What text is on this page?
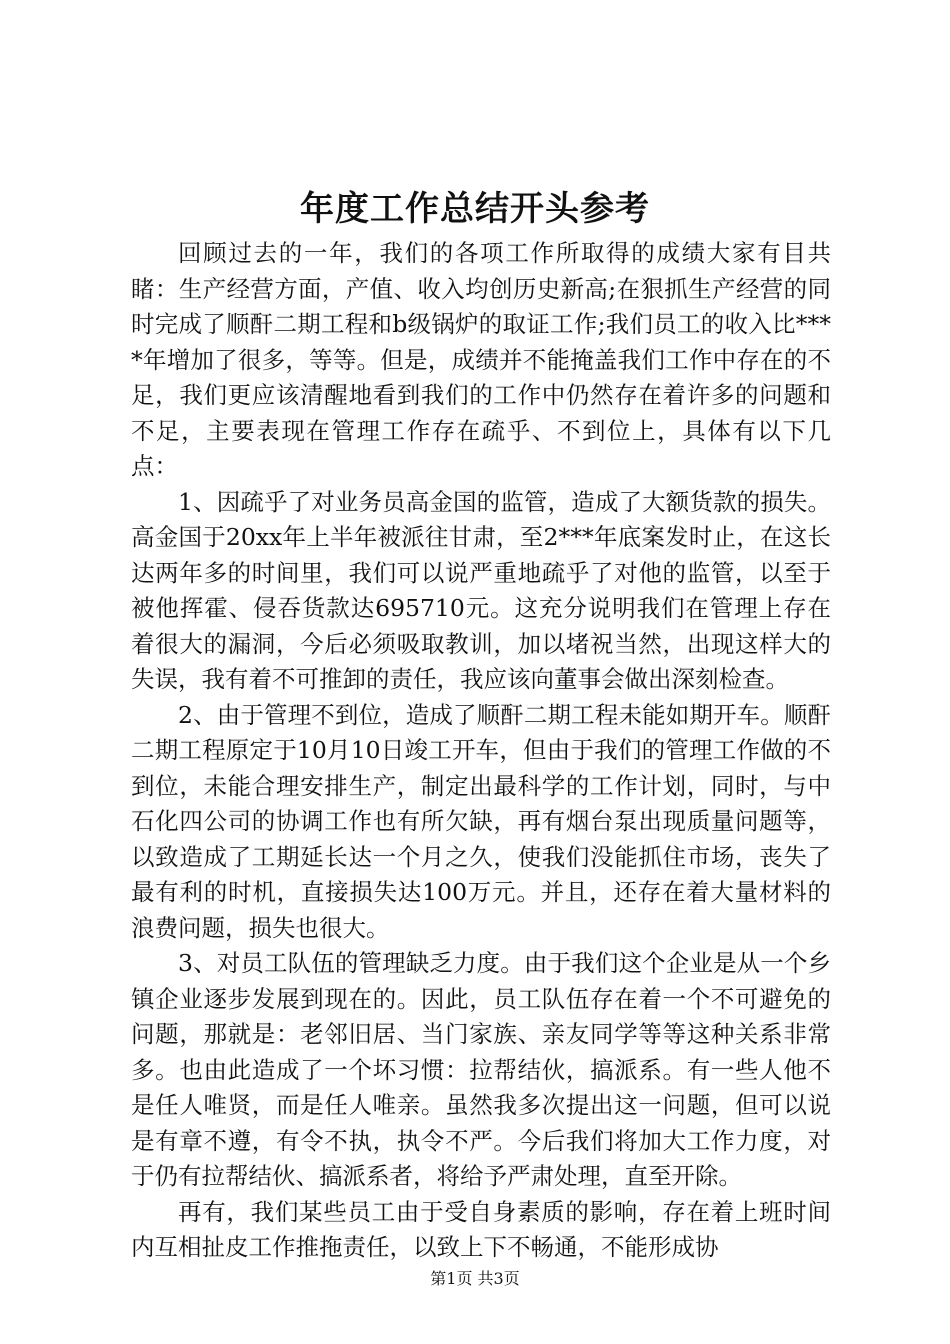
年度工作总结开头参考

回顾过去的一年，我们的各项工作所取得的成绩大家有目共睹：生产经营方面，产值、收入均创历史新高;在狠抓生产经营的同时完成了顺酐二期工程和b级锅炉的取证工作;我们员工的收入比****年增加了很多，等等。但是，成绩并不能掩盖我们工作中存在的不足，我们更应该清醒地看到我们的工作中仍然存在着许多的问题和不足，主要表现在管理工作存在疏乎、不到位上，具体有以下几点：

1、因疏乎了对业务员高金国的监管，造成了大额货款的损失。高金国于20xx年上半年被派往甘肃，至2***年底案发时止，在这长达两年多的时间里，我们可以说严重地疏乎了对他的监管，以至于被他挥霍、侵吞货款达695710元。这充分说明我们在管理上存在着很大的漏洞，今后必须吸取教训，加以堵祝当然，出现这样大的失误，我有着不可推卸的责任，我应该向董事会做出深刻检查。

2、由于管理不到位，造成了顺酐二期工程未能如期开车。顺酐二期工程原定于10月10日竣工开车，但由于我们的管理工作做的不到位，未能合理安排生产，制定出最科学的工作计划，同时，与中石化四公司的协调工作也有所欠缺，再有烟台泵出现质量问题等，以致造成了工期延长达一个月之久，使我们没能抓住市场，丧失了最有利的时机，直接损失达100万元。并且，还存在着大量材料的浪费问题，损失也很大。

3、对员工队伍的管理缺乏力度。由于我们这个企业是从一个乡镇企业逐步发展到现在的。因此，员工队伍存在着一个不可避免的问题，那就是：老邻旧居、当门家族、亲友同学等等这种关系非常多。也由此造成了一个坏习惯：拉帮结伙，搞派系。有一些人他不是任人唯贤，而是任人唯亲。虽然我多次提出这一问题，但可以说是有章不遵，有令不执，执令不严。今后我们将加大工作力度，对于仍有拉帮结伙、搞派系者，将给予严肃处理，直至开除。

再有，我们某些员工由于受自身素质的影响，存在着上班时间内互相扯皮工作推拖责任，以致上下不畅通，不能形成协

第1页 共3页
